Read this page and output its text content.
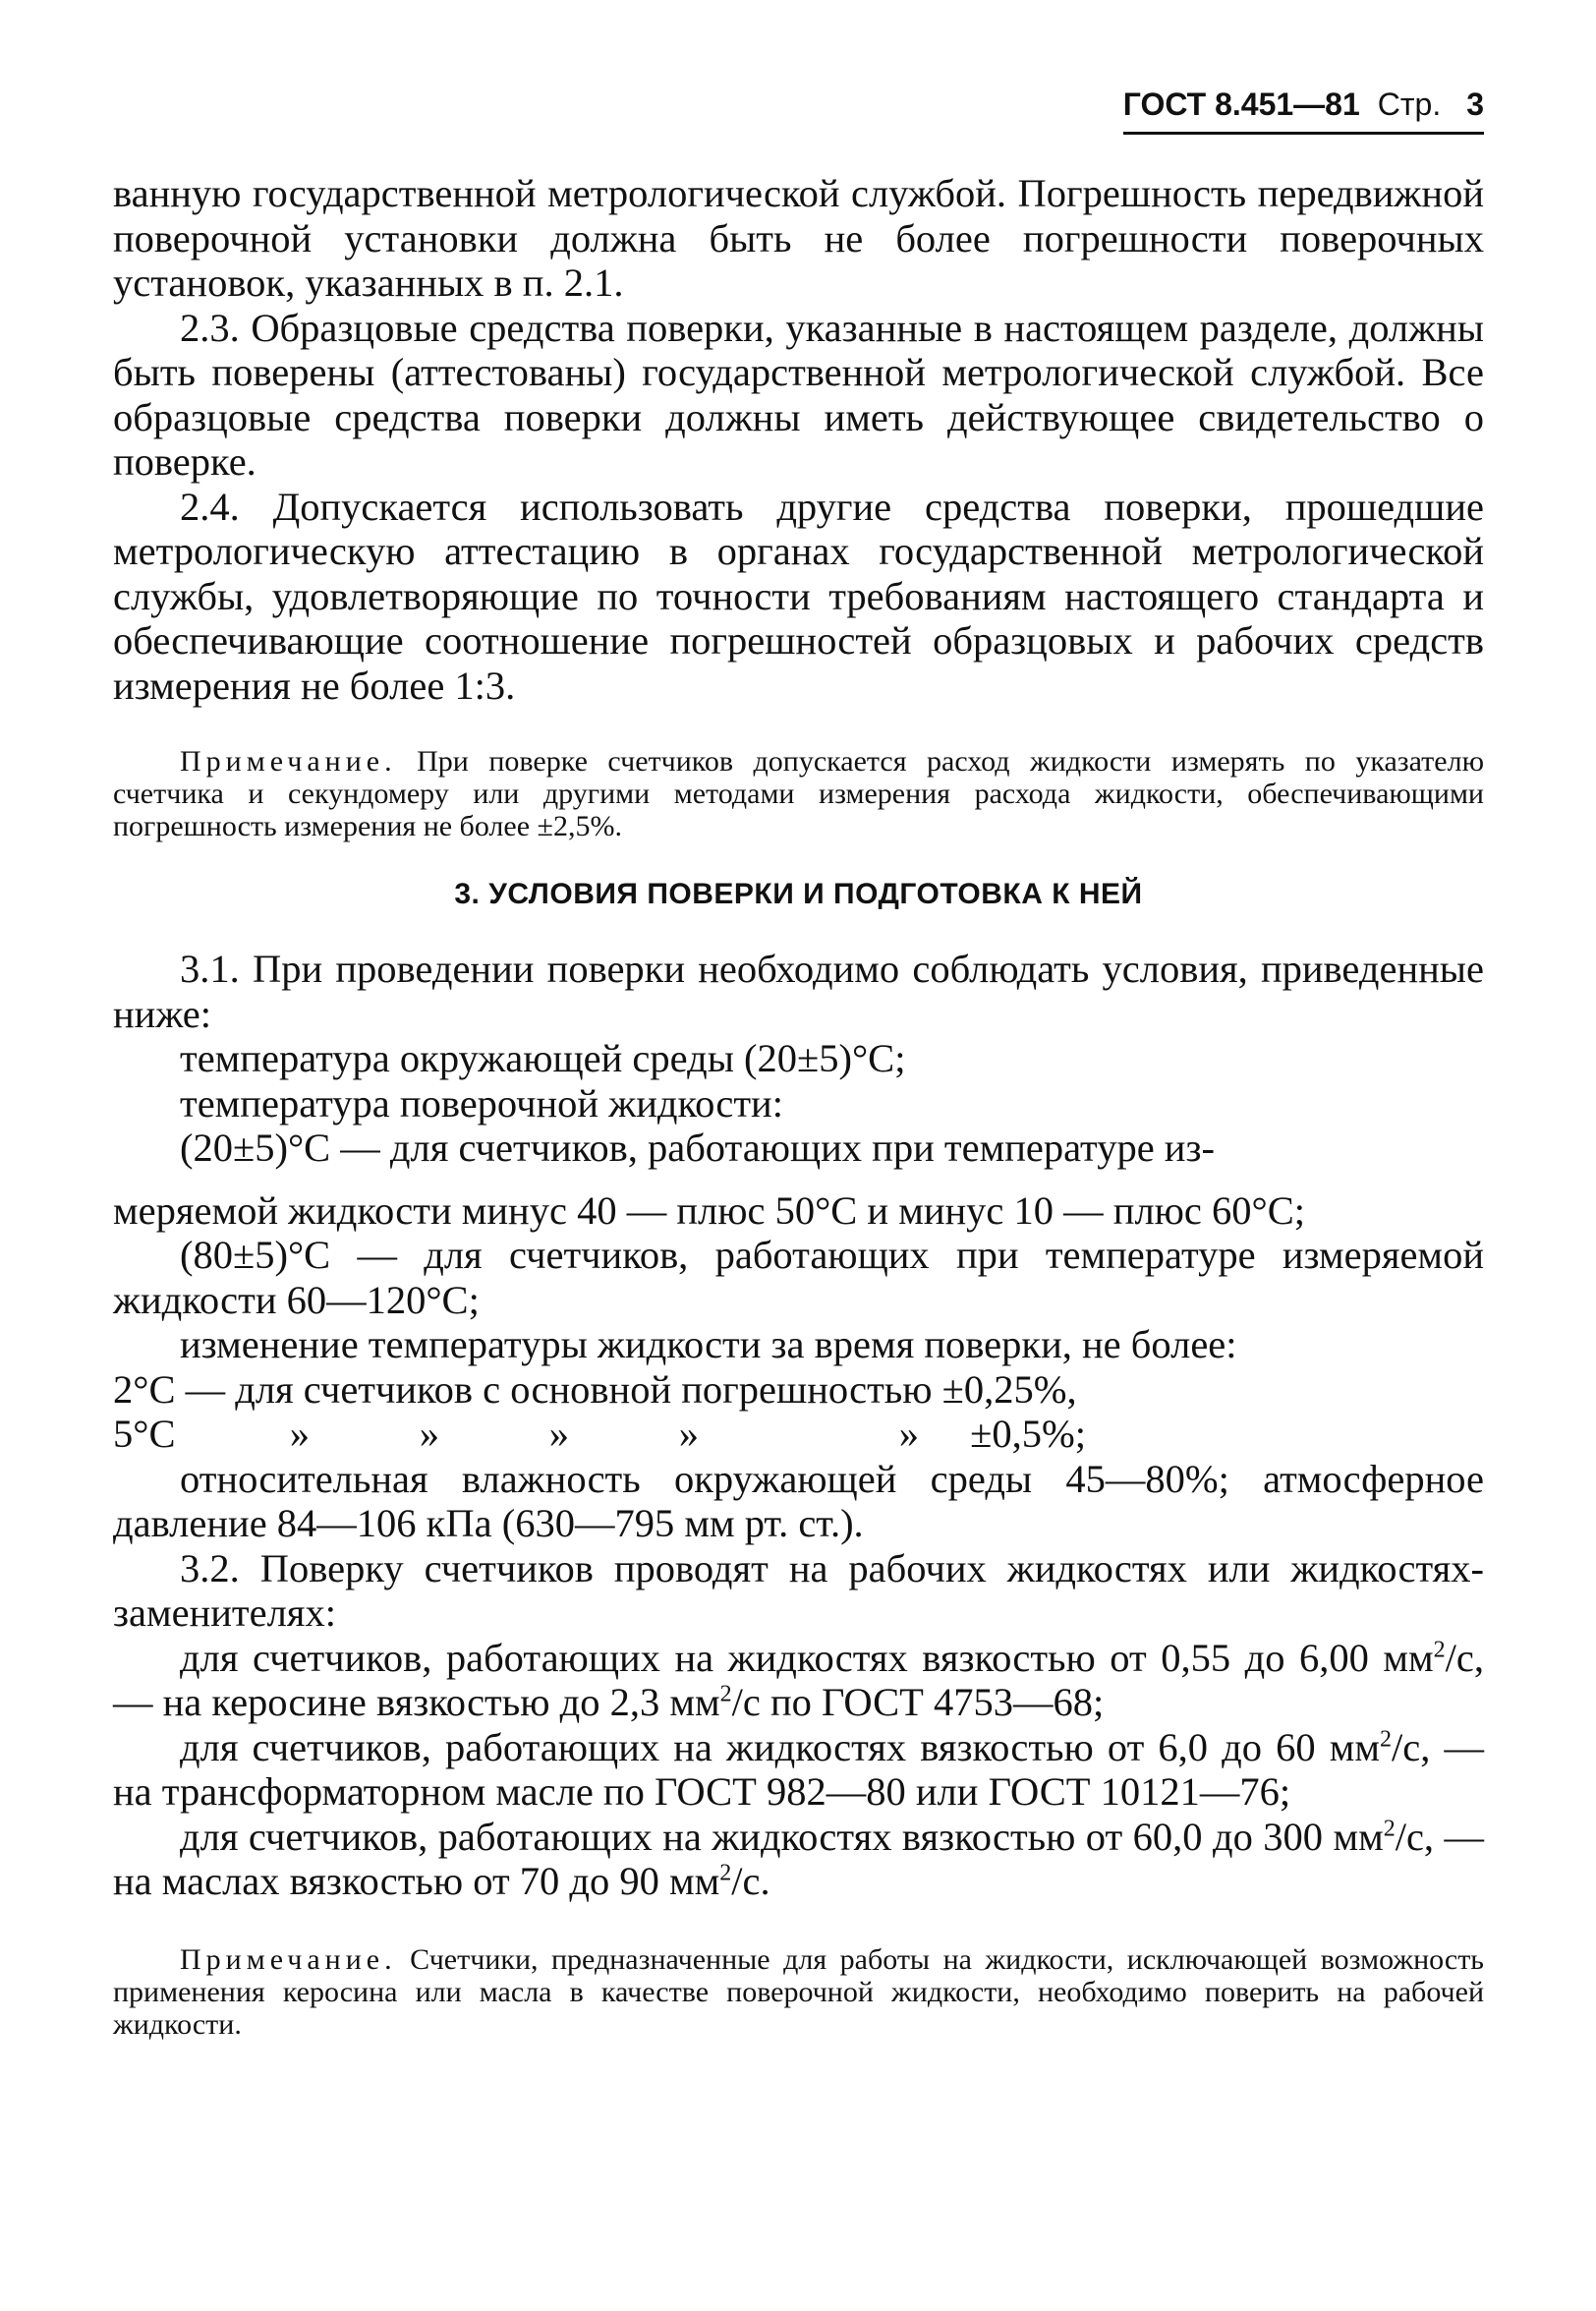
ГОСТ 8.451—81 Стр. 3

ванную государственной метрологической службой. Погрешность передвижной поверочной установки должна быть не более погрешности поверочных установок, указанных в п. 2.1.

2.3. Образцовые средства поверки, указанные в настоящем разделе, должны быть поверены (аттестованы) государственной метрологической службой. Все образцовые средства поверки должны иметь действующее свидетельство о поверке.

2.4. Допускается использовать другие средства поверки, прошедшие метрологическую аттестацию в органах государственной метрологической службы, удовлетворяющие по точности требованиям настоящего стандарта и обеспечивающие соотношение погрешностей образцовых и рабочих средств измерения не более 1:3.

Примечание. При поверке счетчиков допускается расход жидкости измерять по указателю счетчика и секундомеру или другими методами измерения расхода жидкости, обеспечивающими погрешность измерения не более ±2,5%.

3. УСЛОВИЯ ПОВЕРКИ И ПОДГОТОВКА К НЕЙ

3.1. При проведении поверки необходимо соблюдать условия, приведенные ниже:

температура окружающей среды (20±5)°С;

температура поверочной жидкости:

(20±5)°С — для счетчиков, работающих при температуре из-

меряемой жидкости минус 40 — плюс 50°С и минус 10 — плюс 60°С;

(80±5)°С — для счетчиков, работающих при температуре измеряемой жидкости 60—120°С;

изменение температуры жидкости за время поверки, не более:

2°С — для счетчиков с основной погрешностью ±0,25%,

5°С	»	»	»	»	»	±0,5%;

относительная влажность окружающей среды 45—80%; атмосферное давление 84—106 кПа (630—795 мм рт. ст.).

3.2. Поверку счетчиков проводят на рабочих жидкостях или жидкостях-заменителях:

для счетчиков, работающих на жидкостях вязкостью от 0,55 до 6,00 $мм^2/с$, — на керосине вязкостью до 2,3 $мм^2/с$ по ГОСТ 4753—68;

для счетчиков, работающих на жидкостях вязкостью от 6,0 до 60 $мм^2/с$, — на трансформаторном масле по ГОСТ 982—80 или ГОСТ 10121—76;

для счетчиков, работающих на жидкостях вязкостью от 60,0 до 300 $мм^2/с$, — на маслах вязкостью от 70 до 90 $мм^2/с$.

Примечание. Счетчики, предназначенные для работы на жидкости, исключающей возможность применения керосина или масла в качестве поверочной жидкости, необходимо поверить на рабочей жидкости.
